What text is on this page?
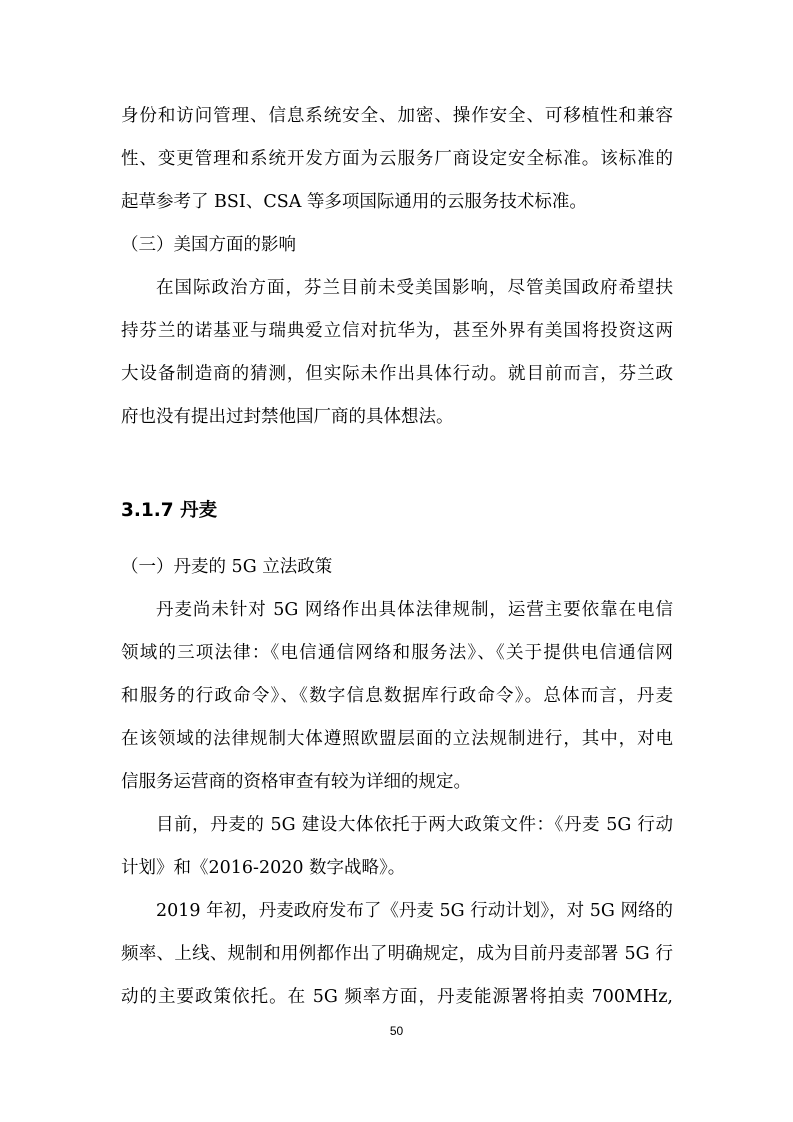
身份和访问管理、信息系统安全、加密、操作安全、可移植性和兼容
性、变更管理和系统开发方面为云服务厂商设定安全标准。该标准的
起草参考了 BSI、CSA 等多项国际通用的云服务技术标准。
（三）美国方面的影响
在国际政治方面，芬兰目前未受美国影响，尽管美国政府希望扶
持芬兰的诺基亚与瑞典爱立信对抗华为，甚至外界有美国将投资这两
大设备制造商的猜测，但实际未作出具体行动。就目前而言，芬兰政
府也没有提出过封禁他国厂商的具体想法。
3.1.7 丹麦
（一）丹麦的 5G 立法政策
丹麦尚未针对 5G 网络作出具体法律规制，运营主要依靠在电信
领域的三项法律：《电信通信网络和服务法》、《关于提供电信通信网
和服务的行政命令》、《数字信息数据库行政命令》。总体而言，丹麦
在该领域的法律规制大体遵照欧盟层面的立法规制进行，其中，对电
信服务运营商的资格审查有较为详细的规定。
目前，丹麦的 5G 建设大体依托于两大政策文件：《丹麦 5G 行动
计划》和《2016-2020 数字战略》。
2019 年初，丹麦政府发布了《丹麦 5G 行动计划》，对 5G 网络的
频率、上线、规制和用例都作出了明确规定，成为目前丹麦部署 5G 行
动的主要政策依托。在 5G 频率方面，丹麦能源署将拍卖 700MHz,
50
